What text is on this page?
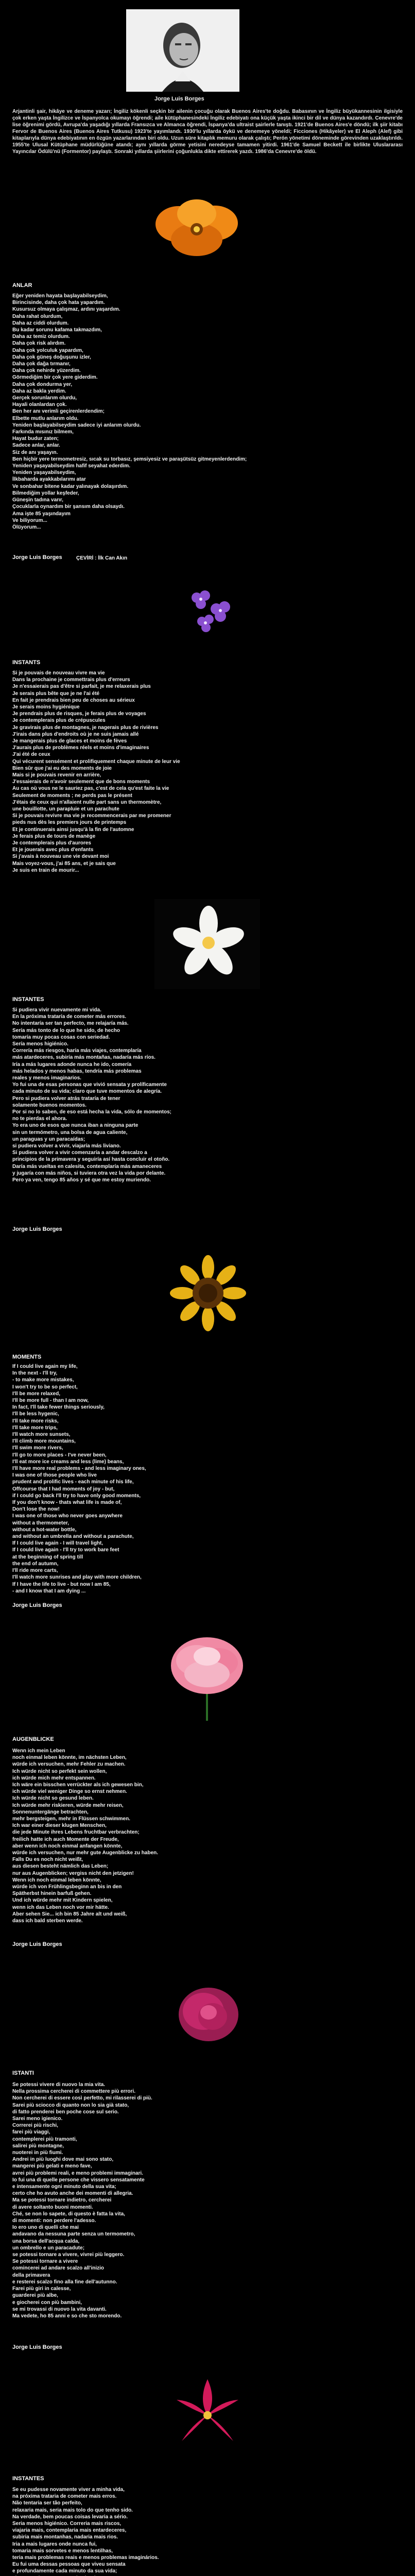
Jorge Luis Borges
Arjantinli şair, hikâye ve deneme yazarı; İngiliz kökenli seçkin bir ailenin çocuğu olarak Buenos Aires'te doğdu. Babasının ve İngiliz büyükannesinin ilgisiyle çok erken yaşta İngilizce ve İspanyolca okumayı öğrendi; aile kütüphanesindeki İngiliz edebiyatı ona küçük yaşta ikinci bir dil ve dünya kazandırdı. Cenevre'de lise öğrenimi gördü, Avrupa'da yaşadığı yıllarda Fransızca ve Almanca öğrendi, İspanya'da ultraist şairlerle tanıştı. 1921'de Buenos Aires'e döndü; ilk şiir kitabı Fervor de Buenos Aires (Buenos Aires Tutkusu) 1923'te yayımlandı. 1930'lu yıllarda öykü ve denemeye yöneldi; Ficciones (Hikâyeler) ve El Aleph (Alef) gibi kitaplarıyla dünya edebiyatının en özgün yazarlarından biri oldu. Uzun süre kitaplık memuru olarak çalıştı; Perón yönetimi döneminde görevinden uzaklaştırıldı. 1955'te Ulusal Kütüphane müdürlüğüne atandı; aynı yıllarda görme yetisini neredeyse tamamen yitirdi. 1961'de Samuel Beckett ile birlikte Uluslararası Yayıncılar Ödülü'nü (Formentor) paylaştı. Sonraki yıllarda şiirlerini çoğunlukla dikte ettirerek yazdı. 1986'da Cenevre'de öldü.
ANLAR
Eğer yeniden hayata başlayabilseydim,
Birincisinde, daha çok hata yapardım.
Kusursuz olmaya çalışmaz, ardını yaşardım.
Daha rahat olurdum,
Daha az ciddi olurdum.
Bu kadar sorunu kafama takmazdım,
Daha az temiz olurdum.
Daha çok risk alırdım.
Daha çok yolculuk yapardım,
Daha çok güneş doğuşunu izler,
Daha çok dağa tırmanır,
Daha çok nehirde yüzerdim.
Görmediğim bir çok yere giderdim.
Daha çok dondurma yer,
Daha az bakla yerdim.
Gerçek sorunlarım olurdu,
Hayali olanlardan çok.
Ben her anı verimli geçirenlerdendim;
Elbette mutlu anlarım oldu.
Yeniden başlayabilseydim sadece iyi anlarım olurdu.
Farkında mısınız bilmem,
Hayat budur zaten;
Sadece anlar, anlar.
Siz de anı yaşayın.
Ben hiçbir yere termometresiz, sıcak su torbasız, şemsiyesiz ve paraşütsüz gitmeyenlerdendim;
Yeniden yaşayabilseydim hafif seyahat ederdim.
Yeniden yaşayabilseydim,
İlkbaharda ayakkabılarımı atar
Ve sonbahar bitene kadar yalınayak dolaşırdım.
Bilmediğim yollar keşfeder,
Güneşin tadına varır,
Çocuklarla oynardım bir şansım daha olsaydı.
Ama işte 85 yaşındayım
Ve biliyorum...
Ölüyorum...
Jorge Luis Borges	ÇEVİRİ : İlk Can Akın
INSTANTS
Si je pouvais de nouveau vivre ma vie
Dans la prochaine je commettrais plus d'erreurs
Je n'essaierais pas d'être si parfait, je me relaxerais plus
Je serais plus bête que je ne l'ai été
En fait je prendrais bien peu de choses au sérieux
Je serais moins hygiénique
Je prendrais plus de risques, je ferais plus de voyages
Je contemplerais plus de crépuscules
Je gravirais plus de montagnes, je nagerais plus de rivières
J'irais dans plus d'endroits où je ne suis jamais allé
Je mangerais plus de glaces et moins de fèves
J'aurais plus de problèmes réels et moins d'imaginaires
J'ai été de ceux
Qui vécurent sensément et prolifiquement chaque minute de leur vie
Bien sûr que j'ai eu des moments de joie
Mais si je pouvais revenir en arrière,
J'essaierais de n'avoir seulement que de bons moments
Au cas où vous ne le sauriez pas, c'est de cela qu'est faite la vie
Seulement de moments ; ne perds pas le présent
J'étais de ceux qui n'allaient nulle part sans un thermomètre,
une bouillotte, un parapluie et un parachute
Si je pouvais revivre ma vie je recommencerais par me promener
pieds nus dès les premiers jours de printemps
Et je continuerais ainsi jusqu'à la fin de l'automne
Je ferais plus de tours de manège
Je contemplerais plus d'aurores
Et je jouerais avec plus d'enfants
Si j'avais à nouveau une vie devant moi
Mais voyez-vous, j'ai 85 ans, et je sais que
Je suis en train de mourir...
INSTANTES
Si pudiera vivir nuevamente mi vida.
En la próxima trataría de cometer más errores.
No intentaría ser tan perfecto, me relajaría más.
Sería más tonto de lo que he sido, de hecho
tomaría muy pocas cosas con seriedad.
Sería menos higiénico.
Correría más riesgos, haría más viajes, contemplaría
más atardeceres, subiría más montañas, nadaría más ríos.
Iría a más lugares adonde nunca he ido, comería
más helados y menos habas, tendría más problemas
reales y menos imaginarios.
Yo fui una de esas personas que vivió sensata y prolíficamente
cada minuto de su vida; claro que tuve momentos de alegría.
Pero si pudiera volver atrás trataría de tener
solamente buenos momentos.
Por si no lo saben, de eso está hecha la vida, sólo de momentos;
no te pierdas el ahora.
Yo era uno de esos que nunca iban a ninguna parte
sin un termómetro, una bolsa de agua caliente,
un paraguas y un paracaídas;
si pudiera volver a vivir, viajaría más liviano.
Si pudiera volver a vivir comenzaría a andar descalzo a
principios de la primavera y seguiría así hasta concluir el otoño.
Daría más vueltas en calesita, contemplaría más amaneceres
y jugaría con más niños, si tuviera otra vez la vida por delante.
Pero ya ven, tengo 85 años y sé que me estoy muriendo.
Jorge Luis Borges
MOMENTS
If I could live again my life,
In the next - I'll try,
- to make more mistakes,
I won't try to be so perfect,
I'll be more relaxed,
I'll be more full - than I am now,
In fact, I'll take fewer things seriously,
I'll be less hygenic,
I'll take more risks,
I'll take more trips,
I'll watch more sunsets,
I'll climb more mountains,
I'll swim more rivers,
I'll go to more places - I've never been,
I'll eat more ice creams and less (lime) beans,
I'll have more real problems - and less imaginary ones,
I was one of those people who live
prudent and prolific lives - each minute of his life,
Offcourse that I had moments of joy - but,
if I could go back I'll try to have only good moments,
If you don't know - thats what life is made of,
Don't lose the now!
I was one of those who never goes anywhere
without a thermometer,
without a hot-water bottle,
and without an umbrella and without a parachute,
If I could live again - I will travel light,
If I could live again - I'll try to work bare feet
at the beginning of spring till
the end of autumn,
I'll ride more carts,
I'll watch more sunrises and play with more children,
If I have the life to live - but now I am 85,
- and I know that I am dying ...
Jorge Luis Borges
AUGENBLICKE
Wenn ich mein Leben
noch einmal leben könnte, im nächsten Leben,
würde ich versuchen, mehr Fehler zu machen.
Ich würde nicht so perfekt sein wollen,
ich würde mich mehr entspannen.
Ich wäre ein bisschen verrückter als ich gewesen bin,
ich würde viel weniger Dinge so ernst nehmen.
Ich würde nicht so gesund leben.
Ich würde mehr riskieren, würde mehr reisen,
Sonnenuntergänge betrachten,
mehr bergsteigen, mehr in Flüssen schwimmen.
Ich war einer dieser klugen Menschen,
die jede Minute ihres Lebens fruchtbar verbrachten;
freilich hatte ich auch Momente der Freude,
aber wenn ich noch einmal anfangen könnte,
würde ich versuchen, nur mehr gute Augenblicke zu haben.
Falls Du es noch nicht weißt,
aus diesen besteht nämlich das Leben;
nur aus Augenblicken; vergiss nicht den jetzigen!
Wenn ich noch einmal leben könnte,
würde ich von Frühlingsbeginn an bis in den
Spätherbst hinein barfuß gehen.
Und ich würde mehr mit Kindern spielen,
wenn ich das Leben noch vor mir hätte.
Aber sehen Sie... ich bin 85 Jahre alt und weiß,
dass ich bald sterben werde.
Jorge Luis Borges
ISTANTI
Se potessi vivere di nuovo la mia vita.
Nella prossima cercherei di commettere più errori.
Non cercherei di essere così perfetto, mi rilasserei di più.
Sarei più sciocco di quanto non lo sia già stato,
di fatto prenderei ben poche cose sul serio.
Sarei meno igienico.
Correrei più rischi,
farei più viaggi,
contemplerei più tramonti,
salirei più montagne,
nuoterei in più fiumi.
Andrei in più luoghi dove mai sono stato,
mangerei più gelati e meno fave,
avrei più problemi reali, e meno problemi immaginari.
Io fui una di quelle persone che vissero sensatamente
e intensamente ogni minuto della sua vita;
certo che ho avuto anche dei momenti di allegria.
Ma se potessi tornare indietro, cercherei
di avere soltanto buoni momenti.
Ché, se non lo sapete, di questo è fatta la vita,
di momenti: non perdere l'adesso.
Io ero uno di quelli che mai
andavano da nessuna parte senza un termometro,
una borsa dell'acqua calda,
un ombrello e un paracadute;
se potessi tornare a vivere, vivrei più leggero.
Se potessi tornare a vivere
comincerei ad andare scalzo all'inizio
della primavera
e resterei scalzo fino alla fine dell'autunno.
Farei più giri in calesse,
guarderei più albe,
e giocherei con più bambini,
se mi trovassi di nuovo la vita davanti.
Ma vedete, ho 85 anni e so che sto morendo.
Jorge Luis Borges
INSTANTES
Se eu pudesse novamente viver a minha vida,
na próxima trataria de cometer mais erros.
Não tentaria ser tão perfeito,
relaxaria mais, seria mais tolo do que tenho sido.
Na verdade, bem poucas coisas levaria a sério.
Seria menos higiénico. Correria mais riscos,
viajaria mais, contemplaria mais entardeceres,
subiria mais montanhas, nadaria mais rios.
Iria a mais lugares onde nunca fui,
tomaria mais sorvetes e menos lentilhas,
teria mais problemas reais e menos problemas imaginários.
Eu fui uma dessas pessoas que viveu sensata
e profundamente cada minuto da sua vida;
